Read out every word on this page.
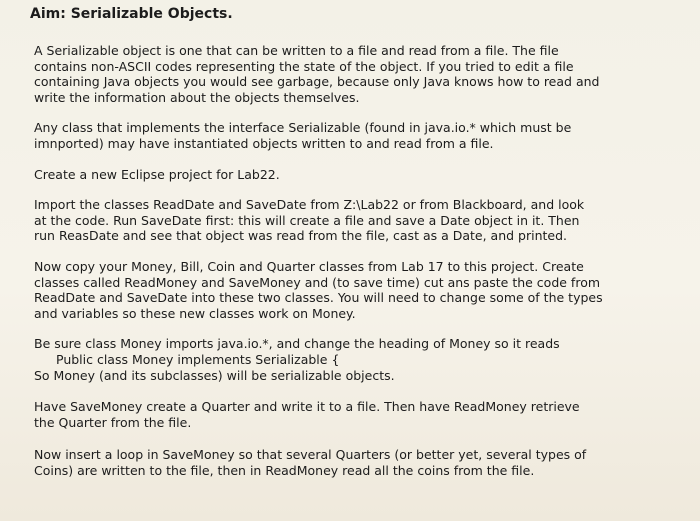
Aim: Serializable Objects.

A Serializable object is one that can be written to a file and read from a file. The file
contains non-ASCII codes representing the state of the object. If you tried to edit a file
containing Java objects you would see garbage, because only Java knows how to read and
write the information about the objects themselves.

Any class that implements the interface Serializable (found in java.io.* which must be
imnported) may have instantiated objects written to and read from a file.

Create a new Eclipse project for Lab22.

Import the classes ReadDate and SaveDate from Z:\Lab22 or from Blackboard, and look
at the code. Run SaveDate first: this will create a file and save a Date object in it. Then
run ReasDate and see that object was read from the file, cast as a Date, and printed.

Now copy your Money, Bill, Coin and Quarter classes from Lab 17 to this project. Create
classes called ReadMoney and SaveMoney and (to save time) cut ans paste the code from
ReadDate and SaveDate into these two classes. You will need to change some of the types
and variables so these new classes work on Money.

Be sure class Money imports java.io.*, and change the heading of Money so it reads

Public class Money implements Serializable {

So Money (and its subclasses) will be serializable objects.

Have SaveMoney create a Quarter and write it to a file. Then have ReadMoney retrieve
the Quarter from the file.

Now insert a loop in SaveMoney so that several Quarters (or better yet, several types of
Coins) are written to the file, then in ReadMoney read all the coins from the file.
